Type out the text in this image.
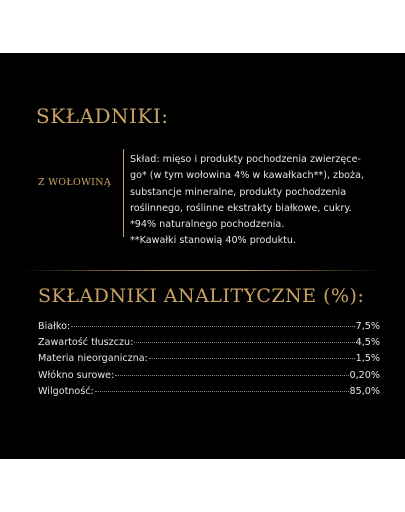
SKŁADNIKI:
Z WOŁOWINĄ
Skład: mięso i produkty pochodzenia zwierzęce-
go* (w tym wołowina 4% w kawałkach**), zboża,
substancje mineralne, produkty pochodzenia
roślinnego, roślinne ekstrakty białkowe, cukry.
*94% naturalnego pochodzenia.
**Kawałki stanowią 40% produktu.
SKŁADNIKI ANALITYCZNE (%):
Białko:	7,5%
Zawartość tłuszczu:	4,5%
Materia nieorganiczna:	1,5%
Włókno surowe:	0,20%
Wilgotność:	85,0%
